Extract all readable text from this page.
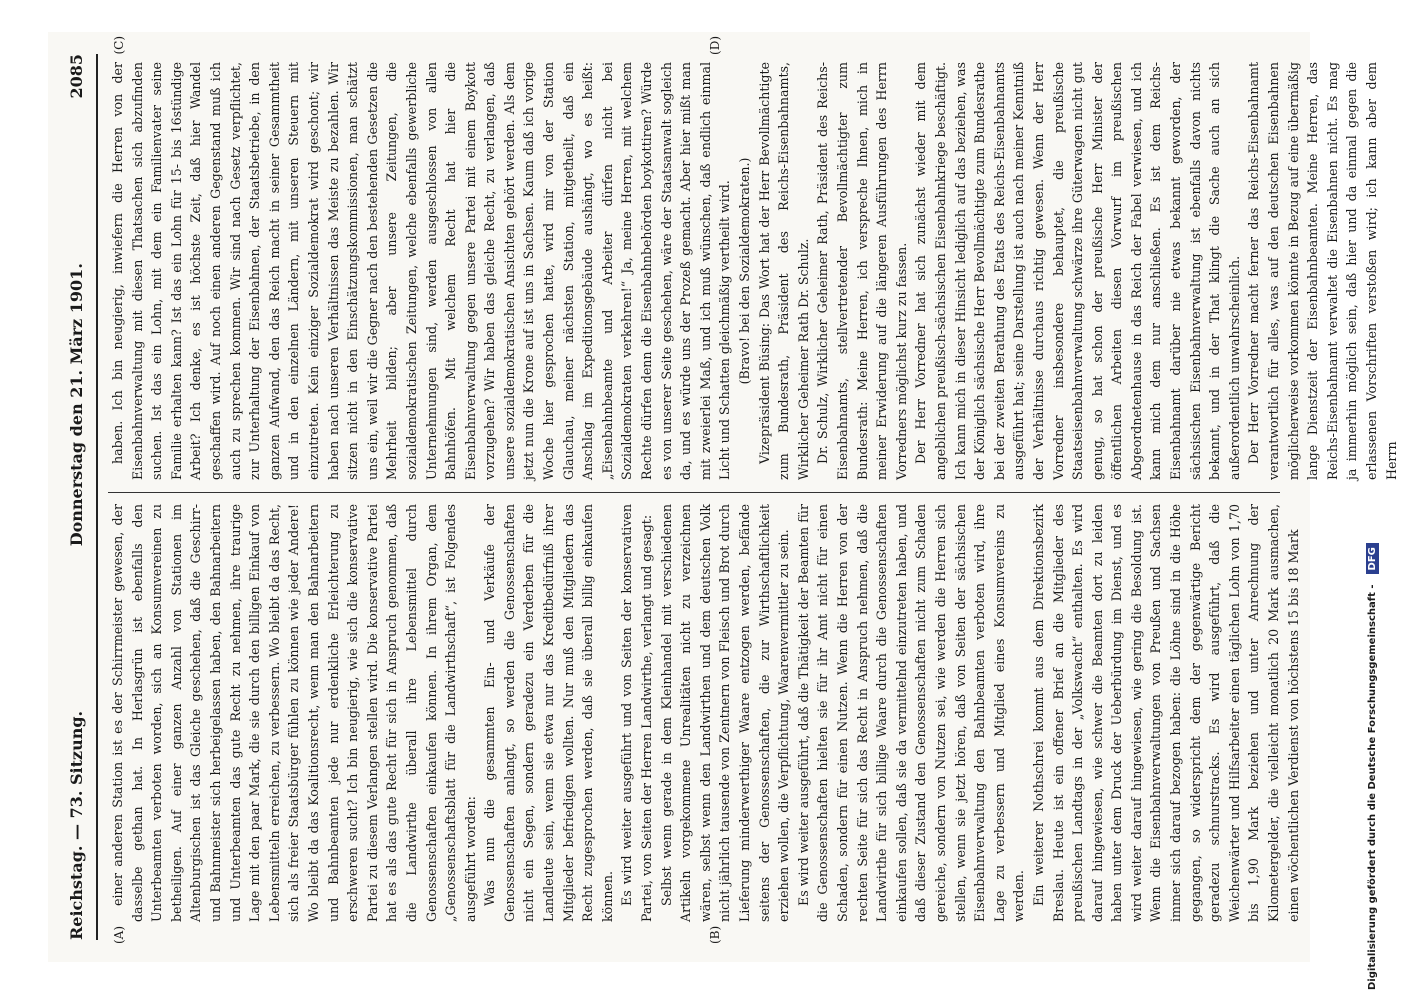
Reichstag. — 73. Sitzung.
Donnerstag den 21. März 1901.
2085
(A)	(B)
(C)	(D)

einer anderen Station ist es der Schirrmeister gewesen, der dasselbe gethan hat. In Herlasgrün ist ebenfalls den Unterbeamten verboten worden, sich an Konsumvereinen zu betheiligen. Auf einer ganzen Anzahl von Stationen im Altenburgischen ist das Gleiche geschehen, daß die Geschirr- und Bahnmeister sich herbeigelassen haben, den Bahnarbeitern und Unterbeamten das gute Recht zu nehmen, ihre traurige Lage mit den paar Mark, die sie durch den billigen Einkauf von Lebensmitteln erreichen, zu verbessern. Wo bleibt da das Recht, sich als freier Staatsbürger fühlen zu können wie jeder Andere! Wo bleibt da das Koalitionsrecht, wenn man den Bahnarbeitern und Bahnbeamten jede nur erdenkliche Erleichterung zu erschweren sucht? Ich bin neugierig, wie sich die konservative Partei zu diesem Verlangen stellen wird. Die konservative Partei hat es als das gute Recht für sich in Anspruch genommen, daß die Landwirthe überall ihre Lebensmittel durch Genossenschaften einkaufen können. In ihrem Organ, dem „Genossenschaftsblatt für die Landwirthschaft“, ist Folgendes ausgeführt worden: Was nun die gesammten Ein- und Verkäufe der Genossenschaften anlangt, so werden die Genossenschaften nicht ein Segen, sondern geradezu ein Verderben für die Landleute sein, wenn sie etwa nur das Kreditbedürfniß ihrer Mitglieder befriedigen wollten. Nur muß den Mitgliedern das Recht zugesprochen werden, daß sie überall billig einkaufen können. Es wird weiter ausgeführt und von Seiten der konservativen Partei, von Seiten der Herren Landwirthe, verlangt und gesagt: Selbst wenn gerade in dem Kleinhandel mit verschiedenen Artikeln vorgekommene Unrealitäten nicht zu verzeichnen wären, selbst wenn den Landwirthen und dem deutschen Volk nicht jährlich tausende von Zentnern von Fleisch und Brot durch Lieferung minderwerthiger Waare entzogen werden, befände seitens der Genossenschaften, die zur Wirthschaftlichkeit erziehen wollen, die Verpflichtung, Waarenvermittler zu sein. Es wird weiter ausgeführt, daß die Thätigkeit der Beamten für die Genossenschaften hielten sie für ihr Amt nicht für einen Schaden, sondern für einen Nutzen. Wenn die Herren von der rechten Seite für sich das Recht in Anspruch nehmen, daß die Landwirthe für sich billige Waare durch die Genossenschaften einkaufen sollen, daß sie da vermittelnd einzutreten haben, und daß dieser Zustand den Genossenschaften nicht zum Schaden gereiche, sondern von Nutzen sei, wie werden die Herren sich stellen, wenn sie jetzt hören, daß von Seiten der sächsischen Eisenbahnverwaltung den Bahnbeamten verboten wird, ihre Lage zu verbessern und Mitglied eines Konsumvereins zu werden. Ein weiterer Nothschrei kommt aus dem Direktionsbezirk Breslau. Heute ist ein offener Brief an die Mitglieder des preußischen Landtags in der „Volkswacht“ enthalten. Es wird darauf hingewiesen, wie schwer die Beamten dort zu leiden haben unter dem Druck der Ueberbürdung im Dienst, und es wird weiter darauf hingewiesen, wie gering die Besoldung ist. Wenn die Eisenbahnverwaltungen von Preußen und Sachsen immer sich darauf bezogen haben: die Löhne sind in die Höhe gegangen, so widerspricht dem der gegenwärtige Bericht geradezu schnurstracks. Es wird ausgeführt, daß die Weichenwärter und Hilfsarbeiter einen täglichen Lohn von 1,70 bis 1,90 Mark beziehen und unter Anrechnung der Kilometergelder, die vielleicht monatlich 20 Mark ausmachen, einen wöchentlichen Verdienst von höchstens 15 bis 18 Mark

haben. Ich bin neugierig, inwiefern die Herren von der Eisenbahnverwaltung mit diesen Thatsachen sich abzufinden suchen. Ist das ein Lohn, mit dem ein Familienvater seine Familie erhalten kann? Ist das ein Lohn für 15- bis 16stündige Arbeit? Ich denke, es ist höchste Zeit, daß hier Wandel geschaffen wird. Auf noch einen anderen Gegenstand muß ich auch zu sprechen kommen. Wir sind nach Gesetz verpflichtet, zur Unterhaltung der Eisenbahnen, der Staatsbetriebe, in den ganzen Aufwand, den das Reich macht in seiner Gesammtheit und in den einzelnen Ländern, mit unseren Steuern mit einzutreten. Kein einziger Sozialdemokrat wird geschont; wir haben nach unseren Verhältnissen das Meiste zu bezahlen. Wir sitzen nicht in den Einschätzungskommissionen, man schätzt uns ein, weil wir die Gegner nach den bestehenden Gesetzen die Mehrheit bilden; aber unsere Zeitungen, die sozialdemokratischen Zeitungen, welche ebenfalls gewerbliche Unternehmungen sind, werden ausgeschlossen von allen Bahnhöfen. Mit welchem Recht hat hier die Eisenbahnverwaltung gegen unsere Partei mit einem Boykott vorzugehen? Wir haben das gleiche Recht, zu verlangen, daß unsere sozialdemokratischen Ansichten gehört werden. Als dem jetzt nun die Krone auf ist uns in Sachsen. Kaum daß ich vorige Woche hier gesprochen hatte, wird mir von der Station Glauchau, meiner nächsten Station, mitgetheilt, daß ein Anschlag im Expeditionsgebäude aushängt, wo es heißt: „Eisenbahnbeamte und Arbeiter dürfen nicht bei Sozialdemokraten verkehren!“ Ja, meine Herren, mit welchem Rechte dürfen denn die Eisenbahnbehörden boykottiren? Würde es von unserer Seite geschehen, wäre der Staatsanwalt sogleich da, und es würde uns der Prozeß gemacht. Aber hier mißt man mit zweierlei Maß, und ich muß wünschen, daß endlich einmal Licht und Schatten gleichmäßig vertheilt wird. (Bravo! bei den Sozialdemokraten.) Vizepräsident Büsing: Das Wort hat der Herr Bevollmächtigte zum Bundesrath, Präsident des Reichs-Eisenbahnamts, Wirklicher Geheimer Rath Dr. Schulz. Dr. Schulz, Wirklicher Geheimer Rath, Präsident des Reichs-Eisenbahnamts, stellvertretender Bevollmächtigter zum Bundesrath: Meine Herren, ich verspreche Ihnen, mich in meiner Erwiderung auf die längeren Ausführungen des Herrn Vorredners möglichst kurz zu fassen. Der Herr Vorredner hat sich zunächst wieder mit dem angeblichen preußisch-sächsischen Eisenbahnkriege beschäftigt. Ich kann mich in dieser Hinsicht lediglich auf das beziehen, was der Königlich sächsische Herr Bevollmächtigte zum Bundesrathe bei der zweiten Berathung des Etats des Reichs-Eisenbahnamts ausgeführt hat; seine Darstellung ist auch nach meiner Kenntniß der Verhältnisse durchaus richtig gewesen. Wenn der Herr Vorredner insbesondere behauptet, die preußische Staatseisenbahnverwaltung schwärze ihre Güterwagen nicht gut genug, so hat schon der preußische Herr Minister der öffentlichen Arbeiten diesen Vorwurf im preußischen Abgeordnetenhause in das Reich der Fabel verwiesen, und ich kann mich dem nur anschließen. Es ist dem Reichs-Eisenbahnamt darüber nie etwas bekannt geworden, der sächsischen Eisenbahnverwaltung ist ebenfalls davon nichts bekannt, und in der That klingt die Sache auch an sich außerordentlich unwahrscheinlich. Der Herr Vorredner macht ferner das Reichs-Eisenbahnamt verantwortlich für alles, was auf den deutschen Eisenbahnen möglicherweise vorkommen könnte in Bezug auf eine übermäßig lange Dienstzeit der Eisenbahnbeamten. Meine Herren, das Reichs-Eisenbahnamt verwaltet die Eisenbahnen nicht. Es mag ja immerhin möglich sein, daß hier und da einmal gegen die erlassenen Vorschriften verstoßen wird; ich kann aber dem Herrn

Digitalisierung gefördert durch die Deutsche Forschungsgemeinschaft -
DFG
